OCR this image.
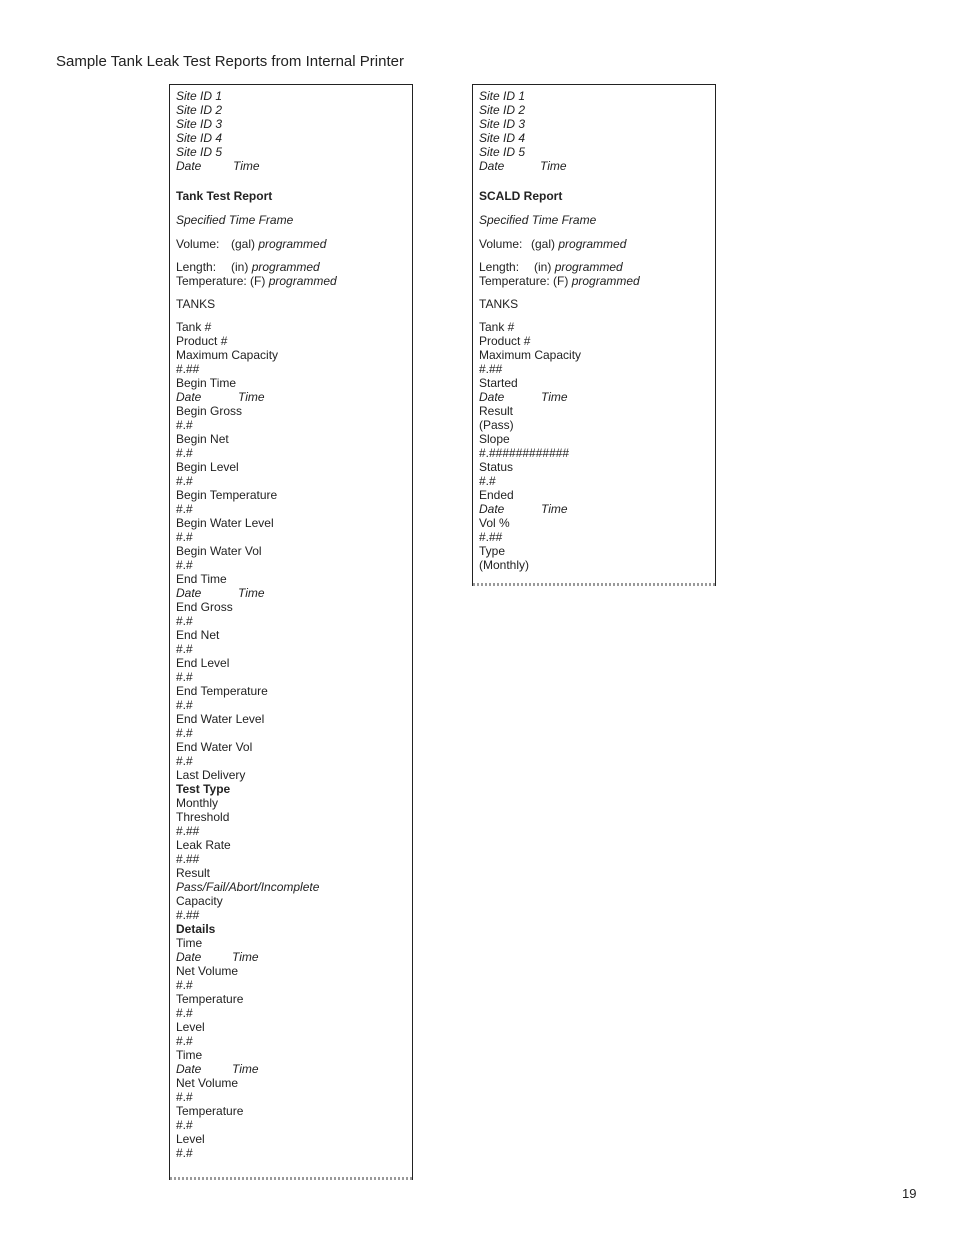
Sample Tank Leak Test Reports from Internal Printer
Site ID 1
Site ID 2
Site ID 3
Site ID 4
Site ID 5
Date	Time
Tank Test Report
Specified Time Frame
Volume: (gal) programmed
Length: (in) programmed
Temperature: (F) programmed
TANKS
Tank #
Product #
Maximum Capacity
#.##
Begin Time
Date	Time
Begin Gross
#.#
Begin Net
#.#
Begin Level
#.#
Begin Temperature
#.#
Begin Water Level
#.#
Begin Water Vol
#.#
End Time
Date	Time
End Gross
#.#
End Net
#.#
End Level
#.#
End Temperature
#.#
End Water Level
#.#
End Water Vol
#.#
Last Delivery
Test Type
Monthly
Threshold
#.##
Leak Rate
#.##
Result
Pass/Fail/Abort/Incomplete
Capacity
#.##
Details
Time
Date	Time
Net Volume
#.#
Temperature
#.#
Level
#.#
Time
Date	Time
Net Volume
#.#
Temperature
#.#
Level
#.#
Site ID 1
Site ID 2
Site ID 3
Site ID 4
Site ID 5
Date	Time
SCALD Report
Specified Time Frame
Volume: (gal) programmed
Length: (in) programmed
Temperature: (F) programmed
TANKS
Tank #
Product #
Maximum Capacity
#.##
Started
Date	Time
Result
(Pass)
Slope
#.############
Status
#.#
Ended
Date	Time
Vol %
#.##
Type
(Monthly)
19
